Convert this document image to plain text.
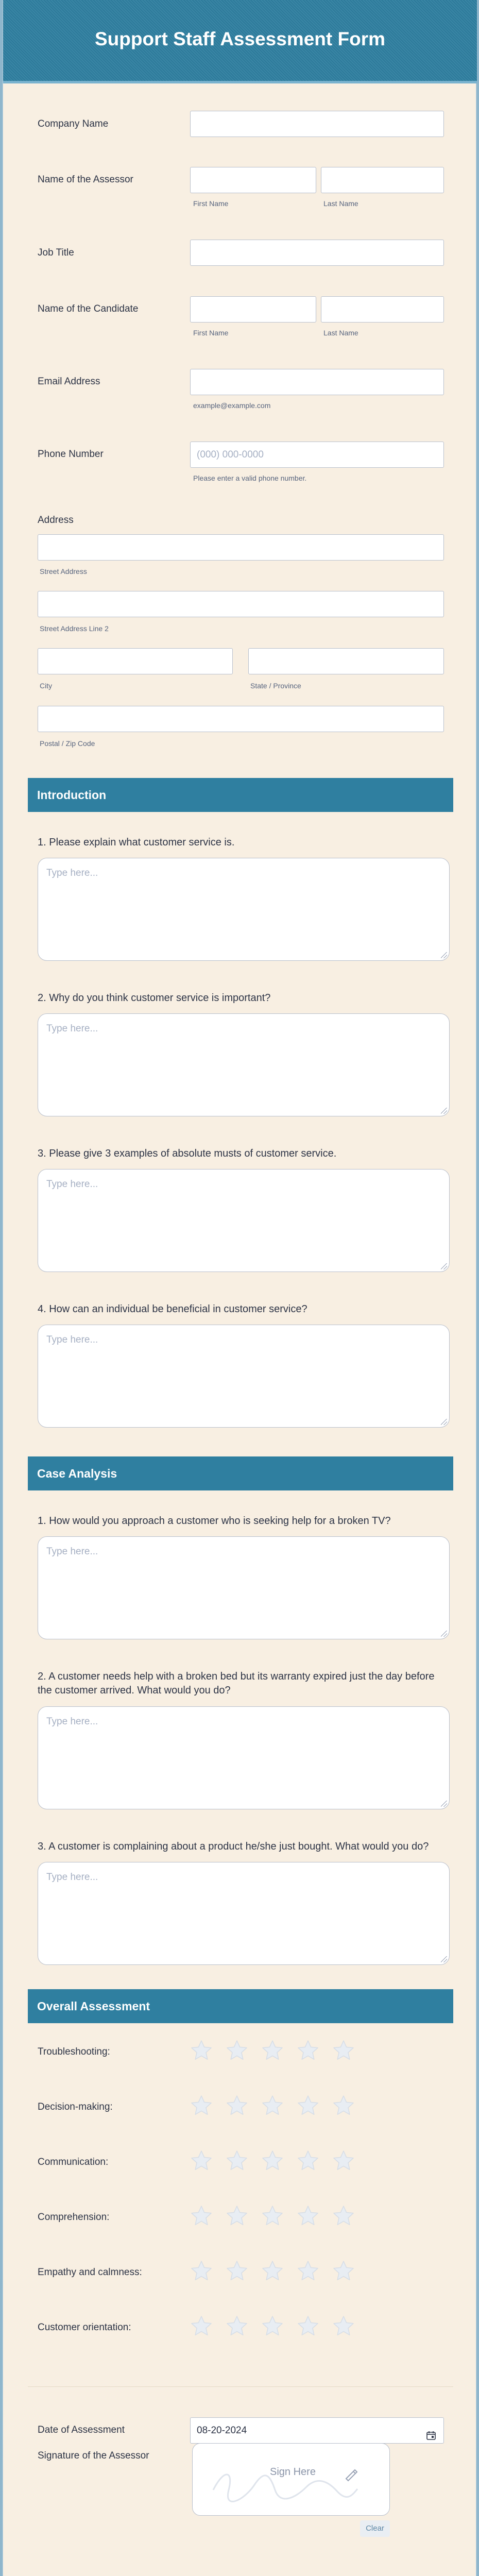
Support Staff Assessment Form
Company Name
Name of the Assessor
First Name	Last Name
Job Title
Name of the Candidate
First Name	Last Name
Email Address
example@example.com
Phone Number	(000) 000-0000
Please enter a valid phone number.
Address
Street Address
Street Address Line 2
City	State / Province
Postal / Zip Code
Introduction
1. Please explain what customer service is.
Type here...
2. Why do you think customer service is important?
Type here...
3. Please give 3 examples of absolute musts of customer service.
Type here...
4. How can an individual be beneficial in customer service?
Type here...
Case Analysis
1. How would you approach a customer who is seeking help for a broken TV?
Type here...
2. A customer needs help with a broken bed but its warranty expired just the day before the customer arrived. What would you do?
Type here...
3. A customer is complaining about a product he/she just bought. What would you do?
Type here...
Overall Assessment
Troubleshooting:
Decision-making:
Communication:
Comprehension:
Empathy and calmness:
Customer orientation:
Date of Assessment	08-20-2024
Signature of the Assessor
Sign Here
Clear
